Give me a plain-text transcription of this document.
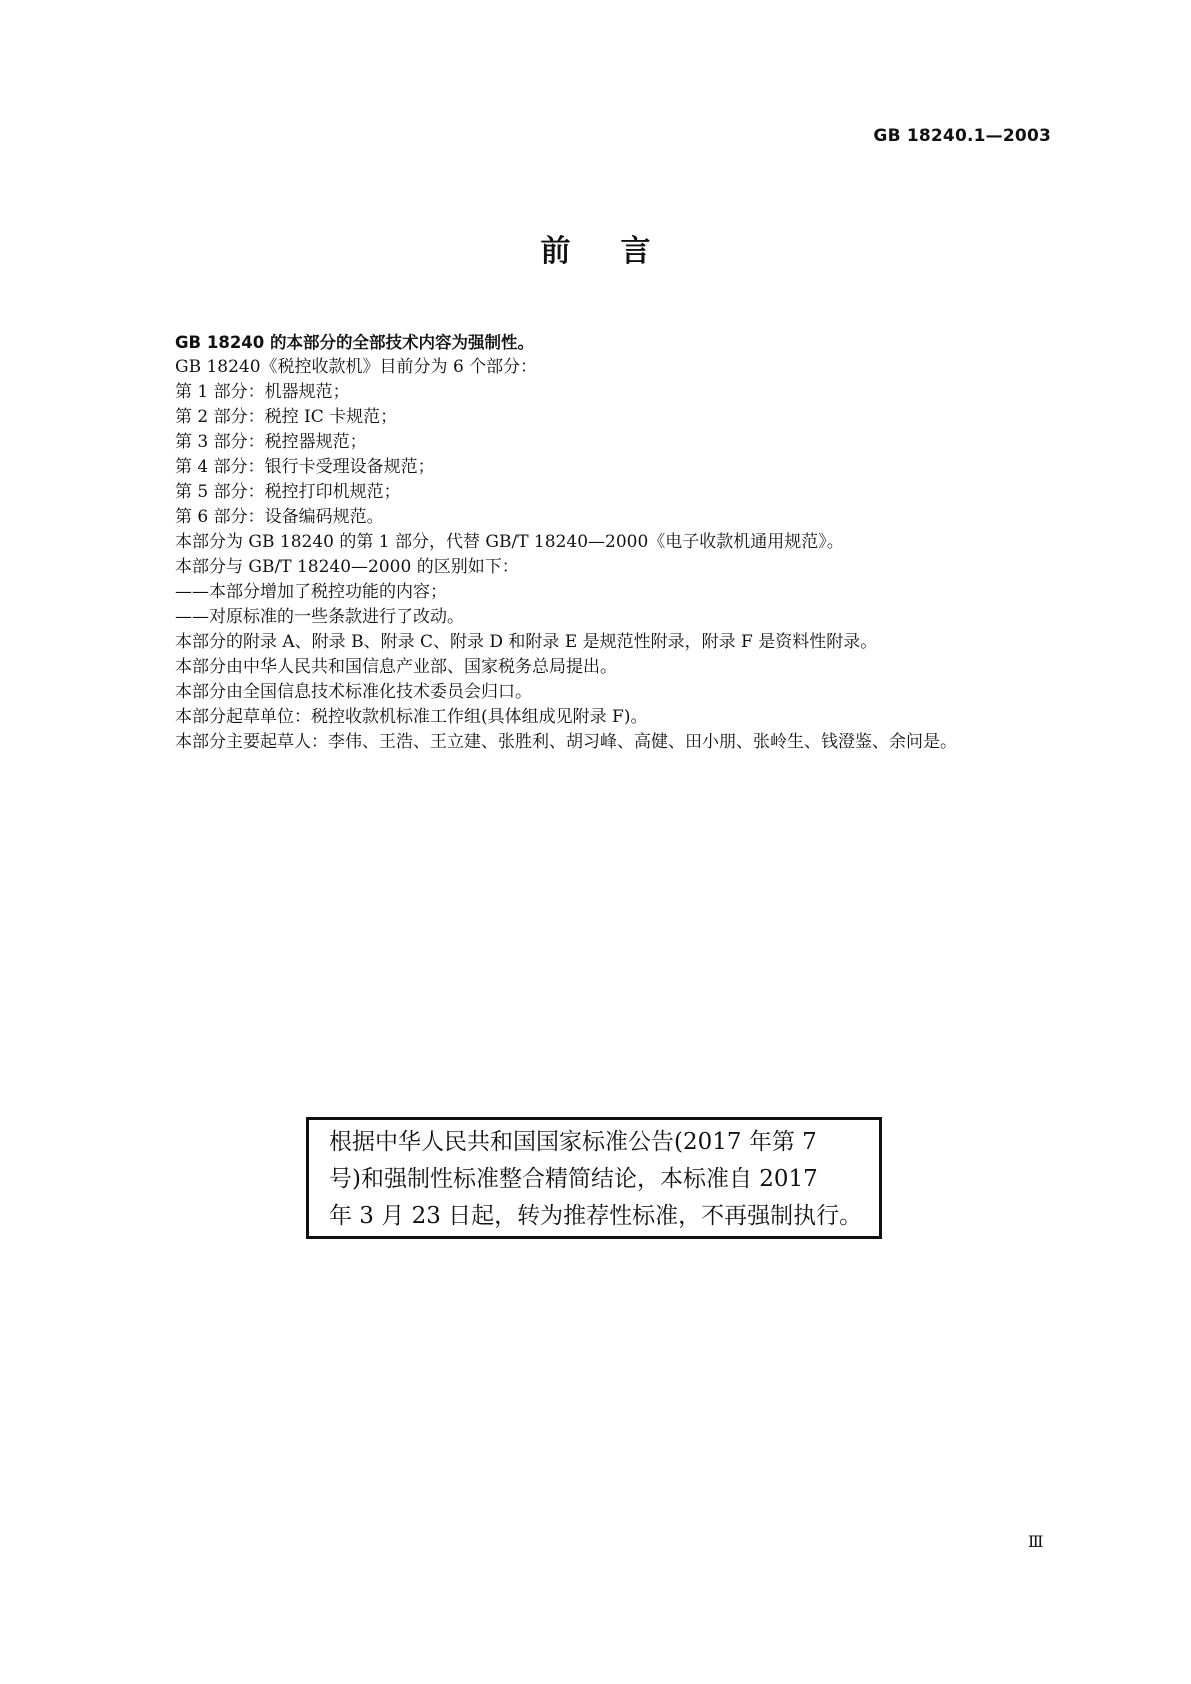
GB 18240.1—2003
前言

GB 18240 的本部分的全部技术内容为强制性。

GB 18240《税控收款机》目前分为 6 个部分：

第 1 部分：机器规范；

第 2 部分：税控 IC 卡规范；

第 3 部分：税控器规范；

第 4 部分：银行卡受理设备规范；

第 5 部分：税控打印机规范；

第 6 部分：设备编码规范。

本部分为 GB 18240 的第 1 部分，代替 GB/T 18240—2000《电子收款机通用规范》。

本部分与 GB/T 18240—2000 的区别如下：

——本部分增加了税控功能的内容；

——对原标准的一些条款进行了改动。

本部分的附录 A、附录 B、附录 C、附录 D 和附录 E 是规范性附录，附录 F 是资料性附录。

本部分由中华人民共和国信息产业部、国家税务总局提出。

本部分由全国信息技术标准化技术委员会归口。

本部分起草单位：税控收款机标准工作组(具体组成见附录 F)。

本部分主要起草人：李伟、王浩、王立建、张胜利、胡习峰、高健、田小朋、张岭生、钱澄鉴、余问是。

根据中华人民共和国国家标准公告(2017 年第 7

号)和强制性标准整合精简结论，本标准自 2017

年 3 月 23 日起，转为推荐性标准，不再强制执行。

Ⅲ
